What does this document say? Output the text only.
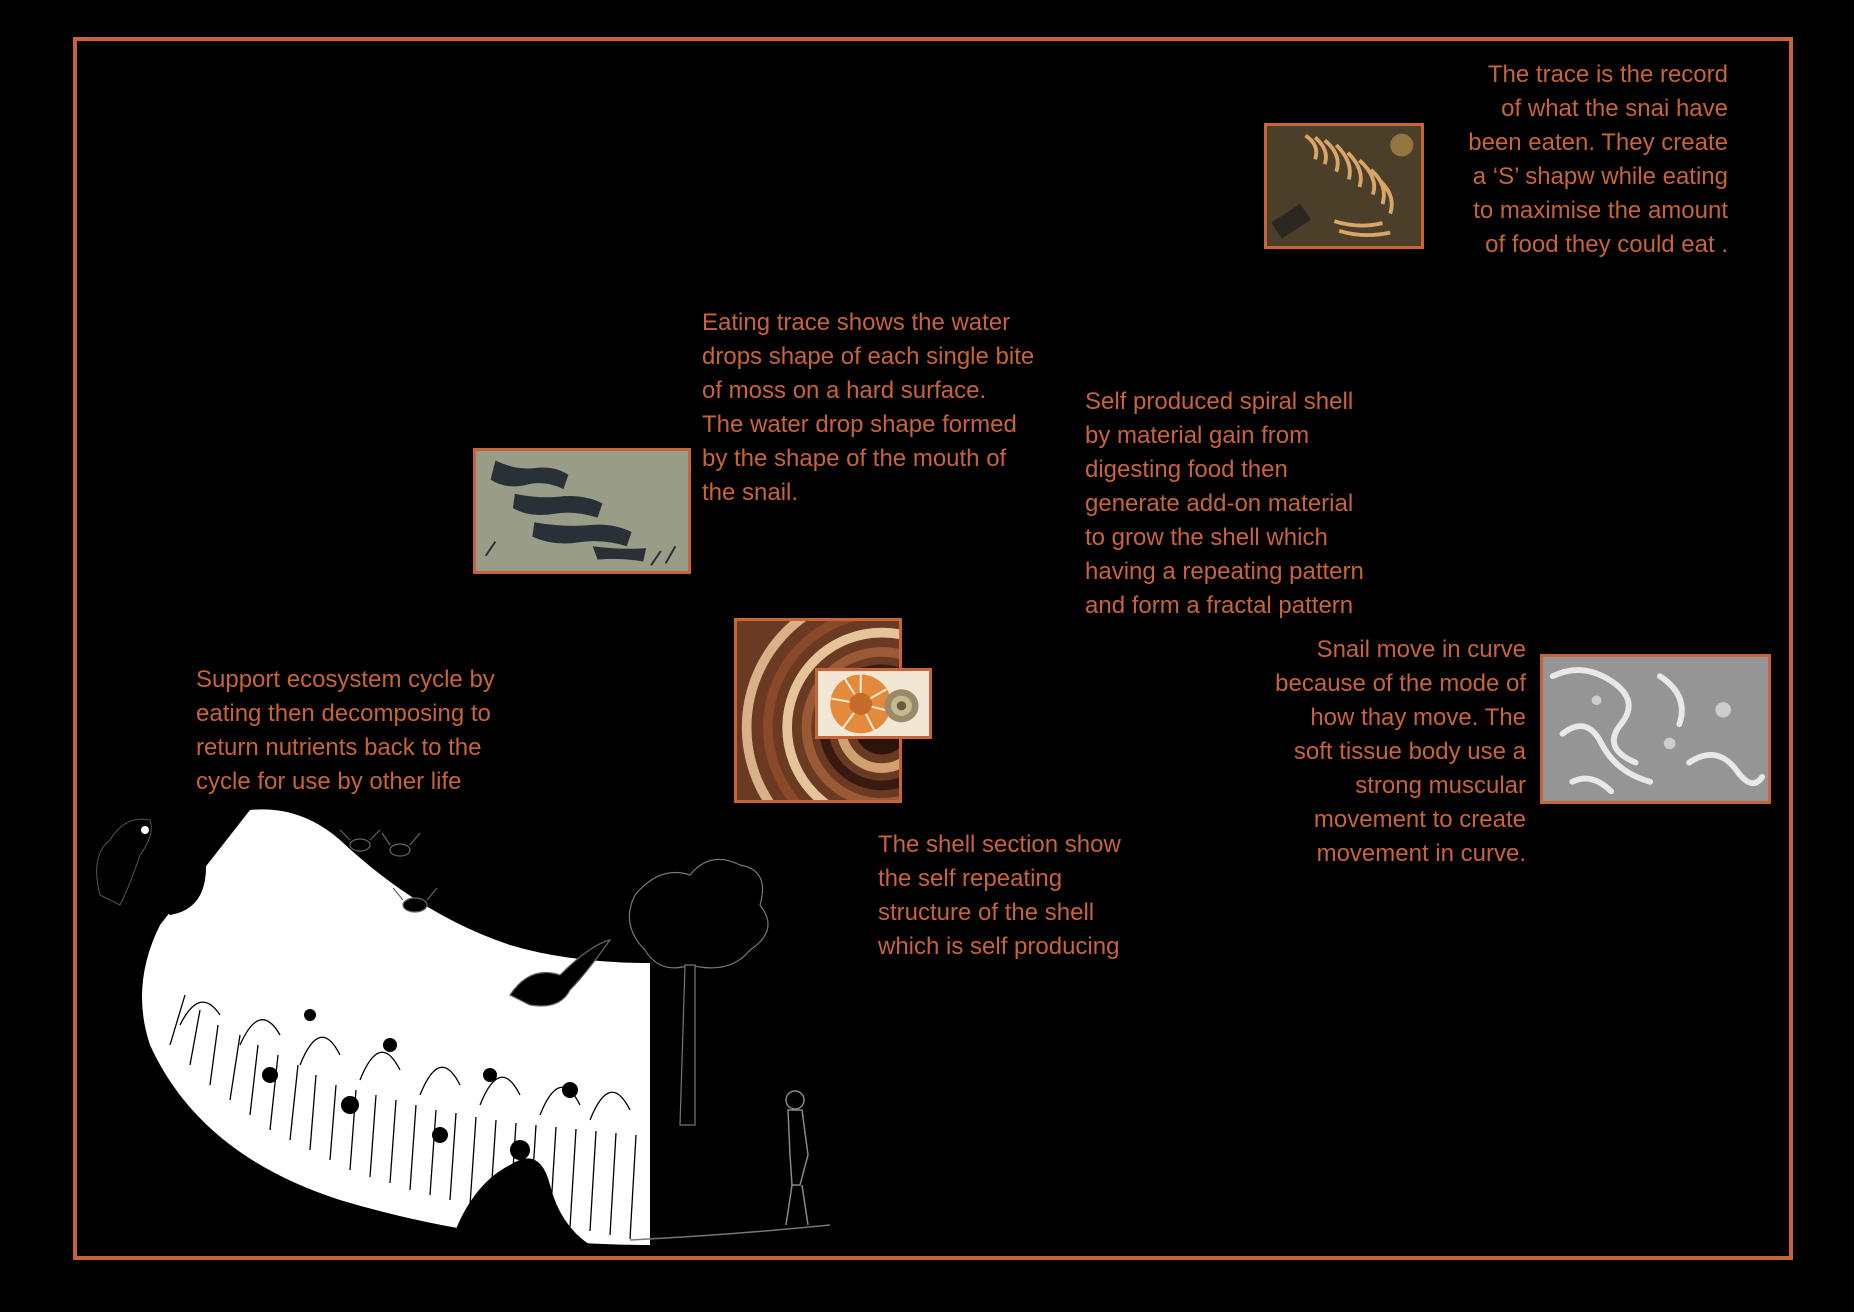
The trace is the record
of what the snai have
been eaten. They create
a ‘S’ shapw while eating
to maximise the amount
of food they could eat .

Eating trace shows the water
drops shape of each single bite
of moss on a hard surface.
The water drop shape formed
by the shape of the mouth of
the snail.

Self produced spiral shell
by material gain from
digesting food then
generate add-on material
to grow the shell which
having a repeating pattern
and form a fractal pattern

The shell section show
the self repeating
structure of the shell
which is self producing

Snail move in curve
because of the mode of
how thay move. The
soft tissue body use a
strong muscular
movement to create
movement in curve.

Support ecosystem cycle by
eating then decomposing to
return nutrients back to the
cycle for use by other life
